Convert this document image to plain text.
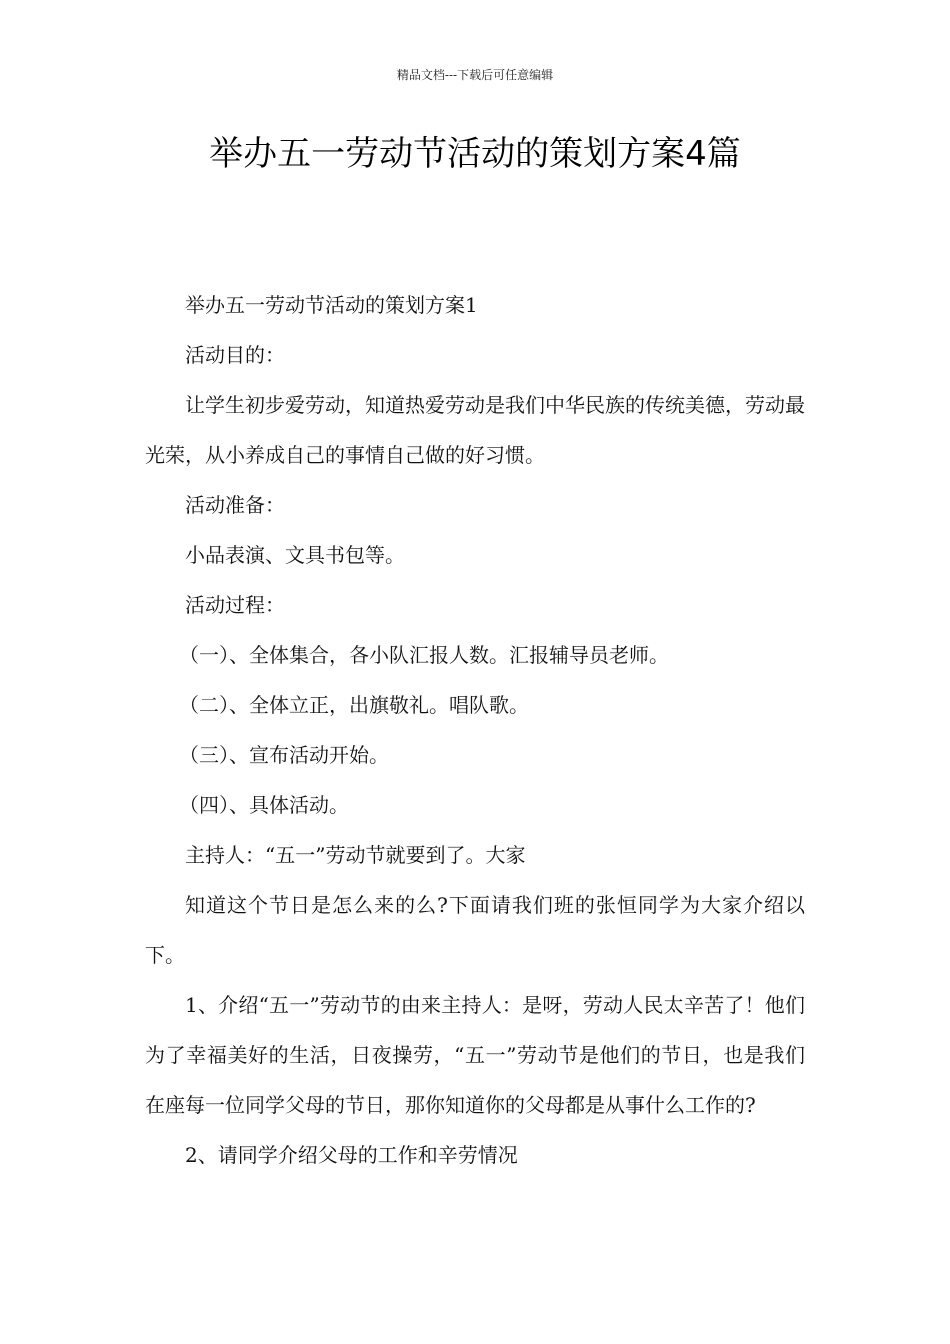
精品文档---下载后可任意编辑
举办五一劳动节活动的策划方案4篇

举办五一劳动节活动的策划方案1

活动目的：

让学生初步爱劳动，知道热爱劳动是我们中华民族的传统美德，劳动最光荣，从小养成自己的事情自己做的好习惯。

活动准备：

小品表演、文具书包等。

活动过程：

（一）、全体集合，各小队汇报人数。汇报辅导员老师。

（二）、全体立正，出旗敬礼。唱队歌。

（三）、宣布活动开始。

（四）、具体活动。

主持人：“五一”劳动节就要到了。大家

知道这个节日是怎么来的么?下面请我们班的张恒同学为大家介绍以下。

1、介绍“五一”劳动节的由来主持人：是呀，劳动人民太辛苦了！他们为了幸福美好的生活，日夜操劳，“五一”劳动节是他们的节日，也是我们在座每一位同学父母的节日，那你知道你的父母都是从事什么工作的?

2、请同学介绍父母的工作和辛劳情况
